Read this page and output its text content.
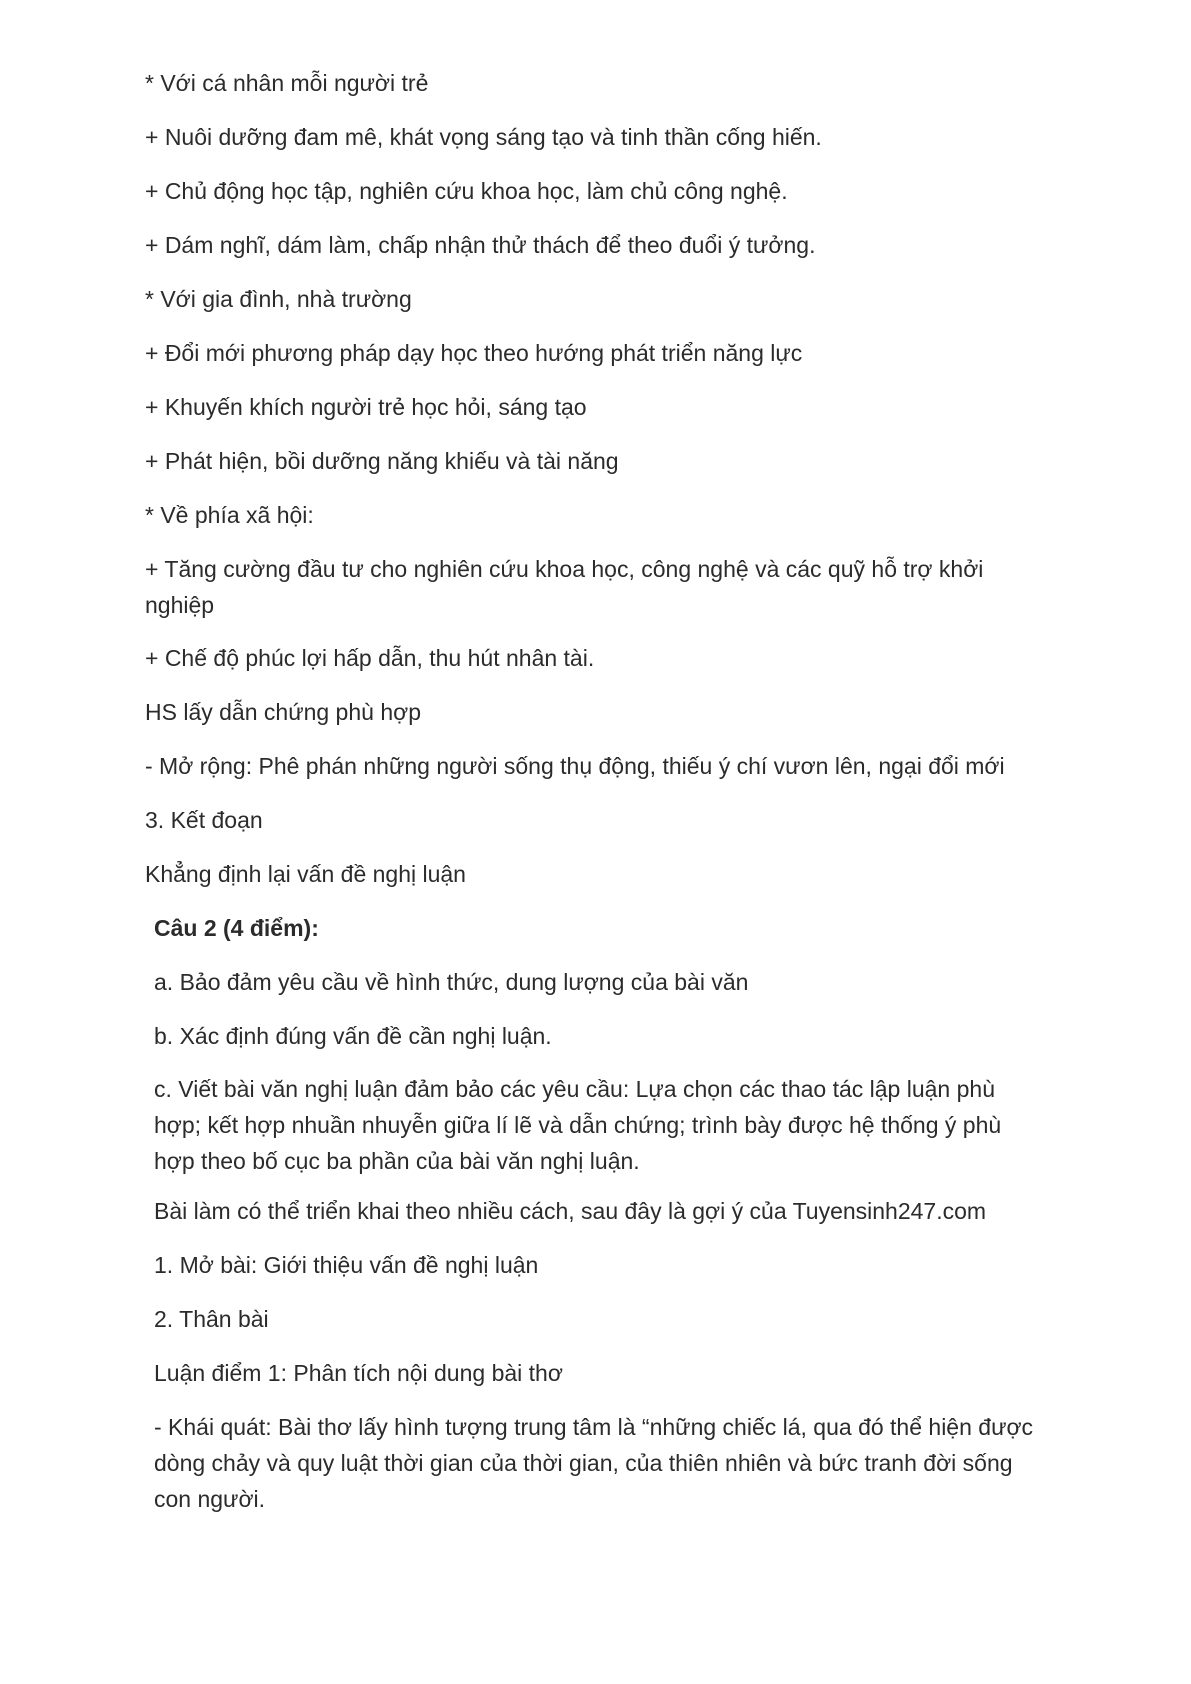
* Với cá nhân mỗi người trẻ

+ Nuôi dưỡng đam mê, khát vọng sáng tạo và tinh thần cống hiến.

+ Chủ động học tập, nghiên cứu khoa học, làm chủ công nghệ.

+ Dám nghĩ, dám làm, chấp nhận thử thách để theo đuổi ý tưởng.

* Với gia đình, nhà trường

+ Đổi mới phương pháp dạy học theo hướng phát triển năng lực

+ Khuyến khích người trẻ học hỏi, sáng tạo

+ Phát hiện, bồi dưỡng năng khiếu và tài năng

* Về phía xã hội:

+ Tăng cường đầu tư cho nghiên cứu khoa học, công nghệ và các quỹ hỗ trợ khởi nghiệp

+ Chế độ phúc lợi hấp dẫn, thu hút nhân tài.

HS lấy dẫn chứng phù hợp

- Mở rộng: Phê phán những người sống thụ động, thiếu ý chí vươn lên, ngại đổi mới

3. Kết đoạn

Khẳng định lại vấn đề nghị luận

Câu 2 (4 điểm):

a. Bảo đảm yêu cầu về hình thức, dung lượng của bài văn

b. Xác định đúng vấn đề cần nghị luận.

c. Viết bài văn nghị luận đảm bảo các yêu cầu: Lựa chọn các thao tác lập luận phù hợp; kết hợp nhuần nhuyễn giữa lí lẽ và dẫn chứng; trình bày được hệ thống ý phù hợp theo bố cục ba phần của bài văn nghị luận.

Bài làm có thể triển khai theo nhiều cách, sau đây là gợi ý của Tuyensinh247.com

1. Mở bài: Giới thiệu vấn đề nghị luận

2. Thân bài

Luận điểm 1: Phân tích nội dung bài thơ

- Khái quát: Bài thơ lấy hình tượng trung tâm là “những chiếc lá, qua đó thể hiện được dòng chảy và quy luật thời gian của thời gian, của thiên nhiên và bức tranh đời sống con người.
